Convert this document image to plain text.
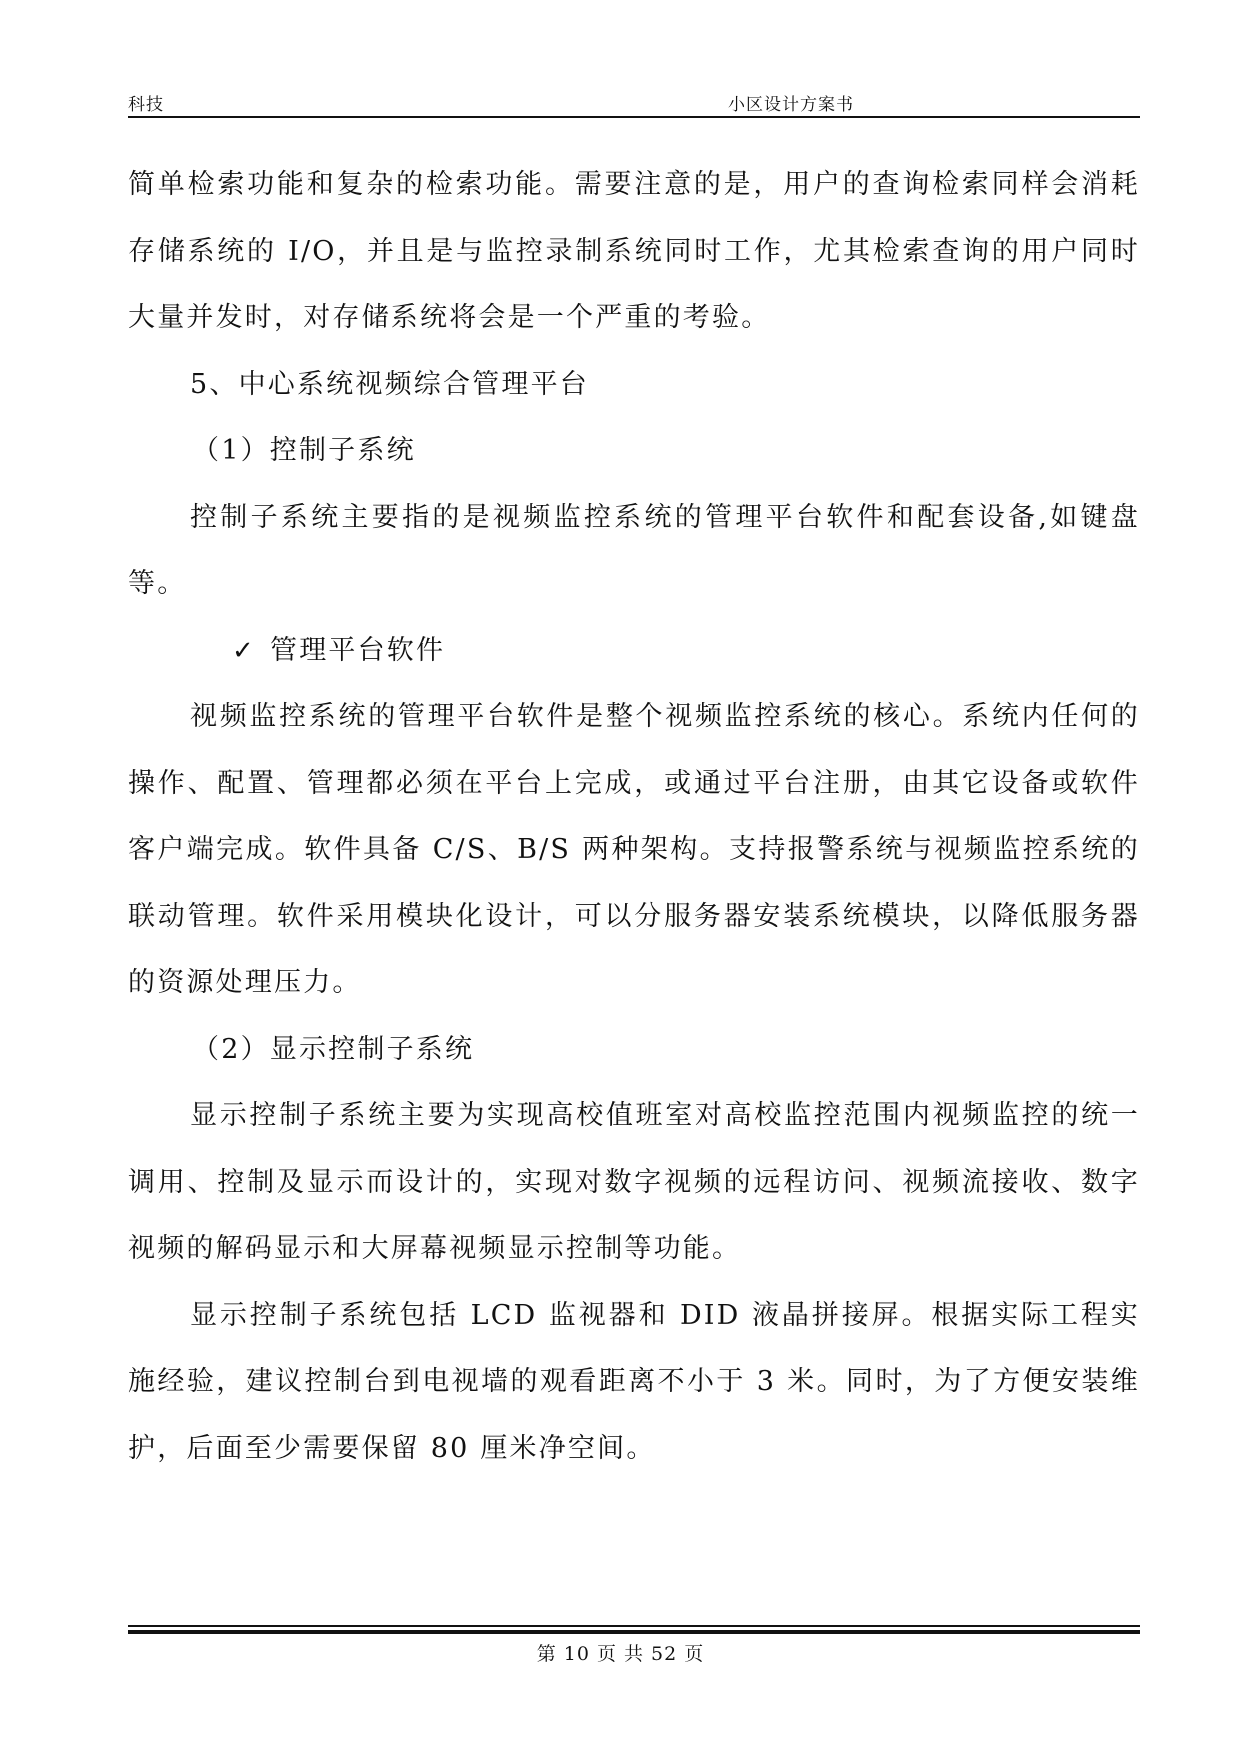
科技	小区设计方案书

简单检索功能和复杂的检索功能。需要注意的是，用户的查询检索同样会消耗存储系统的 I/O，并且是与监控录制系统同时工作，尤其检索查询的用户同时大量并发时，对存储系统将会是一个严重的考验。

5、中心系统视频综合管理平台

（1）控制子系统

控制子系统主要指的是视频监控系统的管理平台软件和配套设备,如键盘等。

✓ 管理平台软件

视频监控系统的管理平台软件是整个视频监控系统的核心。系统内任何的操作、配置、管理都必须在平台上完成，或通过平台注册，由其它设备或软件客户端完成。软件具备 C/S、B/S 两种架构。支持报警系统与视频监控系统的联动管理。软件采用模块化设计，可以分服务器安装系统模块，以降低服务器的资源处理压力。

（2）显示控制子系统

显示控制子系统主要为实现高校值班室对高校监控范围内视频监控的统一调用、控制及显示而设计的，实现对数字视频的远程访问、视频流接收、数字视频的解码显示和大屏幕视频显示控制等功能。

显示控制子系统包括 LCD 监视器和 DID 液晶拼接屏。根据实际工程实施经验，建议控制台到电视墙的观看距离不小于 3 米。同时，为了方便安装维护，后面至少需要保留 80 厘米净空间。

第 10 页 共 52 页
